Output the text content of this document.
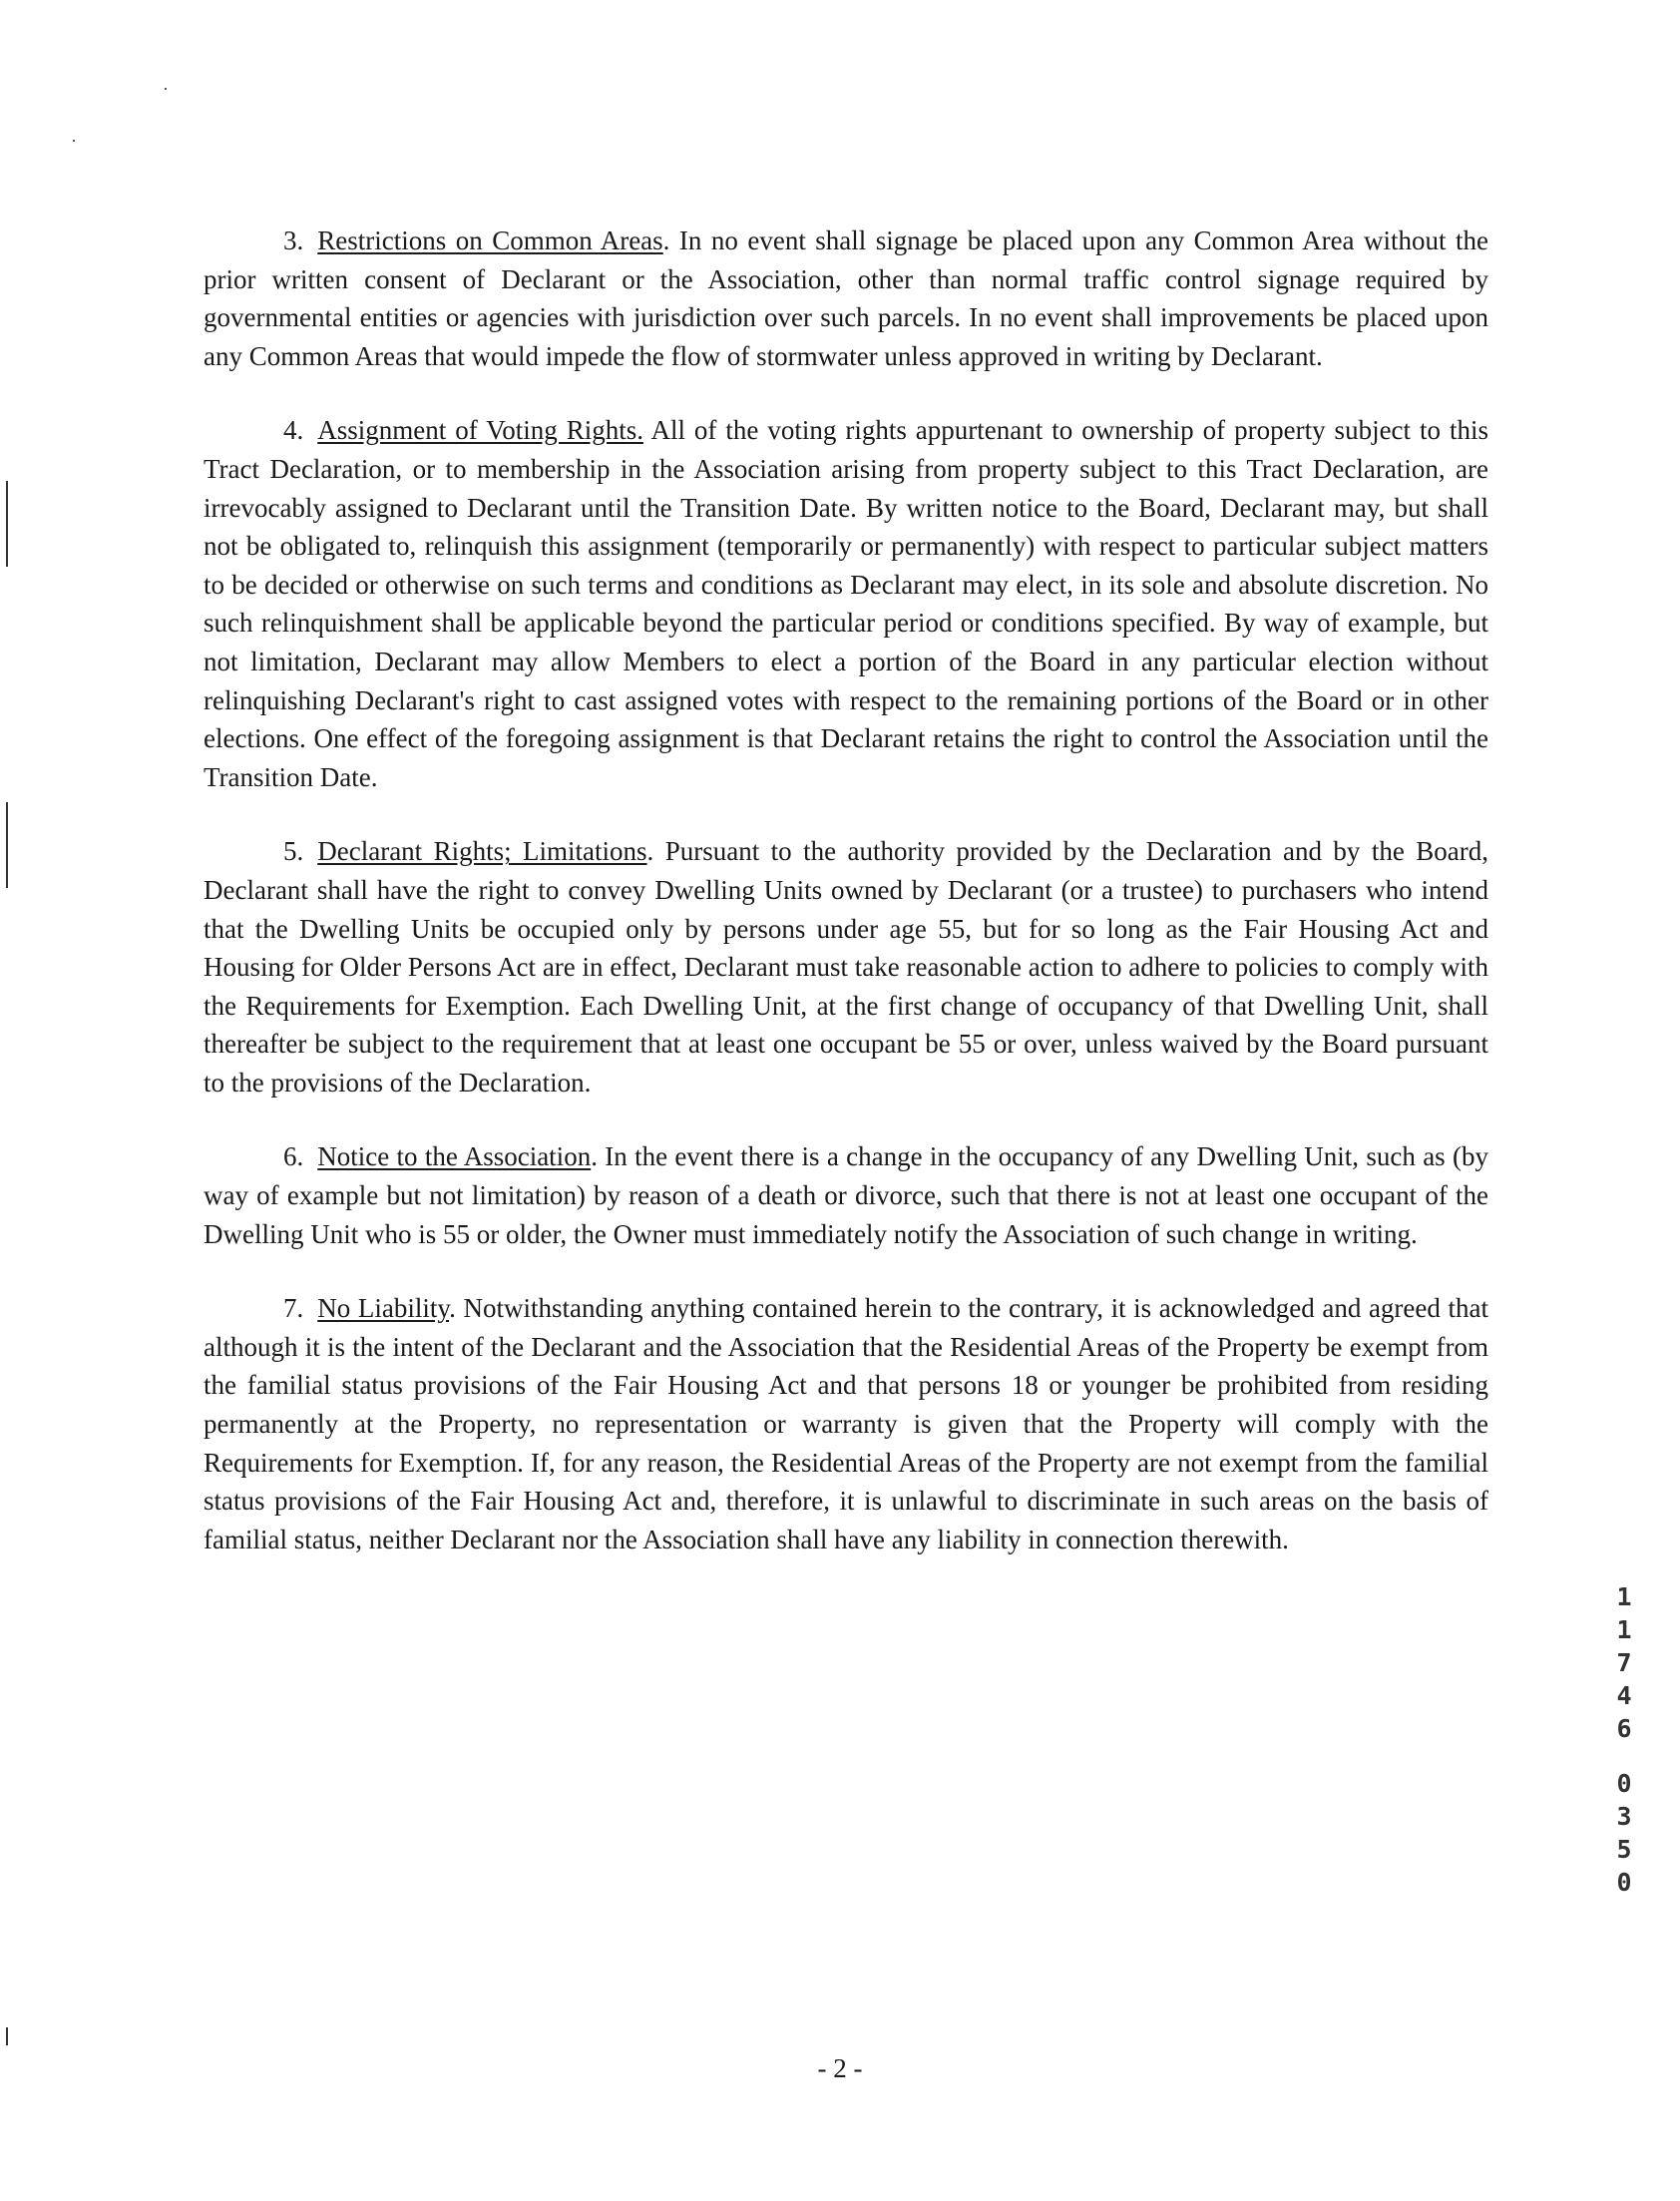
3. Restrictions on Common Areas. In no event shall signage be placed upon any Common Area without the prior written consent of Declarant or the Association, other than normal traffic control signage required by governmental entities or agencies with jurisdiction over such parcels. In no event shall improvements be placed upon any Common Areas that would impede the flow of stormwater unless approved in writing by Declarant.

4. Assignment of Voting Rights. All of the voting rights appurtenant to ownership of property subject to this Tract Declaration, or to membership in the Association arising from property subject to this Tract Declaration, are irrevocably assigned to Declarant until the Transition Date. By written notice to the Board, Declarant may, but shall not be obligated to, relinquish this assignment (temporarily or permanently) with respect to particular subject matters to be decided or otherwise on such terms and conditions as Declarant may elect, in its sole and absolute discretion. No such relinquishment shall be applicable beyond the particular period or conditions specified. By way of example, but not limitation, Declarant may allow Members to elect a portion of the Board in any particular election without relinquishing Declarant's right to cast assigned votes with respect to the remaining portions of the Board or in other elections. One effect of the foregoing assignment is that Declarant retains the right to control the Association until the Transition Date.

5. Declarant Rights; Limitations. Pursuant to the authority provided by the Declaration and by the Board, Declarant shall have the right to convey Dwelling Units owned by Declarant (or a trustee) to purchasers who intend that the Dwelling Units be occupied only by persons under age 55, but for so long as the Fair Housing Act and Housing for Older Persons Act are in effect, Declarant must take reasonable action to adhere to policies to comply with the Requirements for Exemption. Each Dwelling Unit, at the first change of occupancy of that Dwelling Unit, shall thereafter be subject to the requirement that at least one occupant be 55 or over, unless waived by the Board pursuant to the provisions of the Declaration.

6. Notice to the Association. In the event there is a change in the occupancy of any Dwelling Unit, such as (by way of example but not limitation) by reason of a death or divorce, such that there is not at least one occupant of the Dwelling Unit who is 55 or older, the Owner must immediately notify the Association of such change in writing.

7. No Liability. Notwithstanding anything contained herein to the contrary, it is acknowledged and agreed that although it is the intent of the Declarant and the Association that the Residential Areas of the Property be exempt from the familial status provisions of the Fair Housing Act and that persons 18 or younger be prohibited from residing permanently at the Property, no representation or warranty is given that the Property will comply with the Requirements for Exemption. If, for any reason, the Residential Areas of the Property are not exempt from the familial status provisions of the Fair Housing Act and, therefore, it is unlawful to discriminate in such areas on the basis of familial status, neither Declarant nor the Association shall have any liability in connection therewith.

11746
0350
- 2 -
